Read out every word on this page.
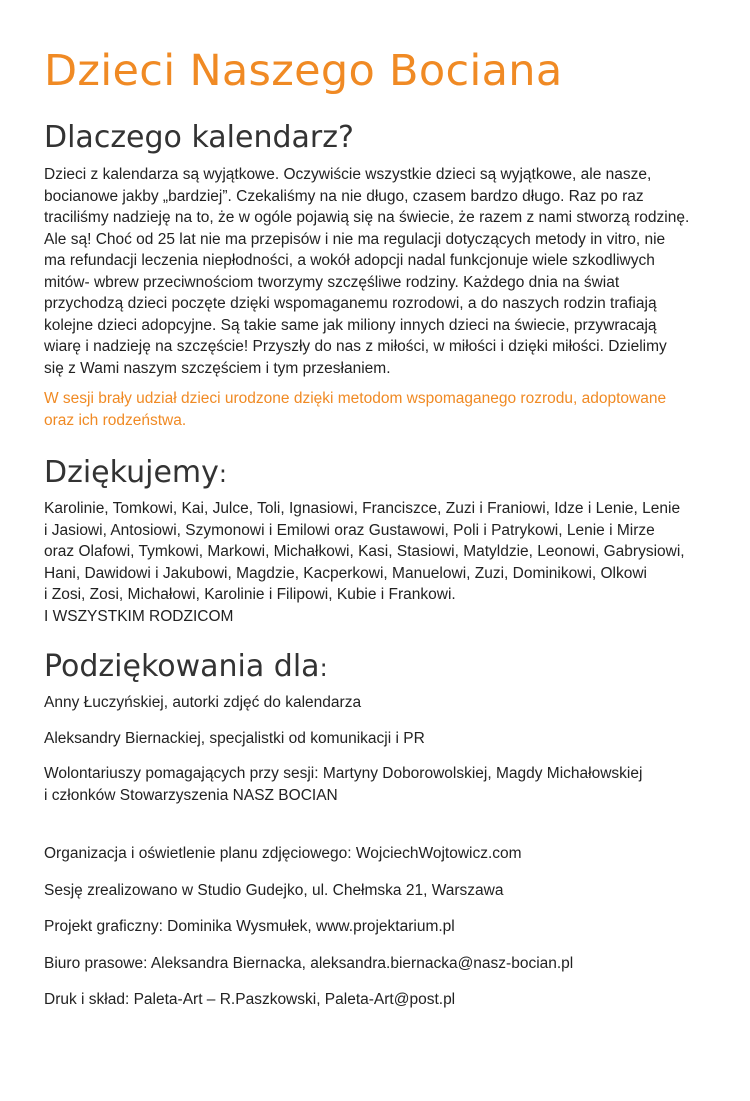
Dzieci Naszego Bociana
Dlaczego kalendarz?
Dzieci z kalendarza są wyjątkowe. Oczywiście wszystkie dzieci są wyjątkowe, ale nasze,
bocianowe jakby „bardziej”. Czekaliśmy na nie długo, czasem bardzo długo. Raz po raz
traciliśmy nadzieję na to, że w ogóle pojawią się na świecie, że razem z nami stworzą rodzinę.
Ale są! Choć od 25 lat nie ma przepisów i nie ma regulacji dotyczących metody in vitro, nie
ma refundacji leczenia niepłodności, a wokół adopcji nadal funkcjonuje wiele szkodliwych
mitów- wbrew przeciwnościom tworzymy szczęśliwe rodziny. Każdego dnia na świat
przychodzą dzieci poczęte dzięki wspomaganemu rozrodowi, a do naszych rodzin trafiają
kolejne dzieci adopcyjne. Są takie same jak miliony innych dzieci na świecie, przywracają
wiarę i nadzieję na szczęście! Przyszły do nas z miłości, w miłości i dzięki miłości. Dzielimy
się z Wami naszym szczęściem i tym przesłaniem.
W sesji brały udział dzieci urodzone dzięki metodom wspomaganego rozrodu, adoptowane
oraz ich rodzeństwa.
Dziękujemy:
Karolinie, Tomkowi, Kai, Julce, Toli, Ignasiowi, Franciszce, Zuzi i Franiowi, Idze i Lenie, Lenie
i Jasiowi, Antosiowi, Szymonowi i Emilowi oraz Gustawowi, Poli i Patrykowi, Lenie i Mirze
oraz Olafowi, Tymkowi, Markowi, Michałkowi, Kasi, Stasiowi, Matyldzie, Leonowi, Gabrysiowi,
Hani, Dawidowi i Jakubowi, Magdzie, Kacperkowi, Manuelowi, Zuzi, Dominikowi, Olkowi
i Zosi, Zosi, Michałowi, Karolinie i Filipowi, Kubie i Frankowi.
I WSZYSTKIM RODZICOM
Podziękowania dla:

Anny Łuczyńskiej, autorki zdjęć do kalendarza

Aleksandry Biernackiej, specjalistki od komunikacji i PR

Wolontariuszy pomagających przy sesji: Martyny Doborowolskiej, Magdy Michałowskiej
i członków Stowarzyszenia NASZ BOCIAN

Organizacja i oświetlenie planu zdjęciowego: WojciechWojtowicz.com

Sesję zrealizowano w Studio Gudejko, ul. Chełmska 21, Warszawa

Projekt graficzny: Dominika Wysmułek, www.projektarium.pl

Biuro prasowe: Aleksandra Biernacka, aleksandra.biernacka@nasz-bocian.pl

Druk i skład: Paleta-Art – R.Paszkowski, Paleta-Art@post.pl
